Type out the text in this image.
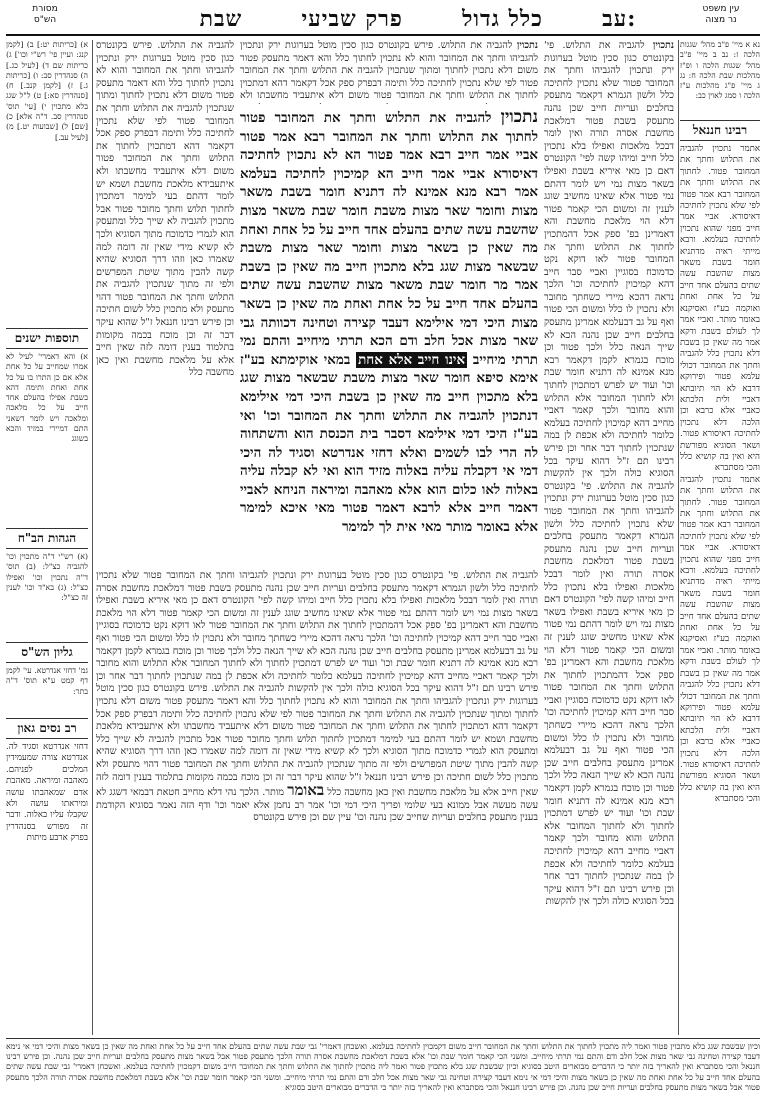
עין משפט
נר מצוה
עב:
כלל גדול
פרק שביעי
שבת
מסורת
הש"ס
נא א מיי' פ"ב מהל' שגגות הלכה ז: נב ב מיי' פ"ב מהל' שגגות הלכה ו ופ"ז מהלכות שבת הלכה ח: נג ג מיי' פ"ג מהלכות ע"ז הלכה ו סמג לאוין כב:
רבינו חננאל
אתמר נתכוין להגביה את התלוש וחתך את המחובר פטור. לחתוך את התלוש וחתך את המחובר רבא אמר פטור לפי שלא נתכוין לחתיכה דאיסורא. אביי אמר חייב מפני שהוא נתכוין לחתיכה בעלמא. ורבא מייתי ראיה מדתניא חומר בשבת משאר מצות שהשבת עשה שתים בהעלם אחד חייב על כל אחת ואחת ואוקמה בע"ז ואסיקנא באומר מותר. ואביי אמר לך לעולם בשבת ודקא אמר מה שאין כן בשבת דלא נתכוין כלל להגביה וחתך את המחובר דכולי עלמא פטור ופירוקא דרבא לא הוי תיובתא דאביי ולית הלכתא כאביי אלא כרבא וכן הלכה דלא נתכוין לחתיכה דאיסורא פטור. ושאר הסוגיא מפורשת היא ואין בה קושיא כלל והכי מסתברא
אתמר נתכוין להגביה את התלוש וחתך את המחובר פטור. לחתוך את התלוש וחתך את המחובר רבא אמר פטור לפי שלא נתכוין לחתיכה דאיסורא. אביי אמר חייב מפני שהוא נתכוין לחתיכה בעלמא. ורבא מייתי ראיה מדתניא חומר בשבת משאר מצות שהשבת עשה שתים בהעלם אחד חייב על כל אחת ואחת ואוקמה בע"ז ואסיקנא באומר מותר. ואביי אמר לך לעולם בשבת ודקא אמר מה שאין כן בשבת דלא נתכוין כלל להגביה וחתך את המחובר דכולי עלמא פטור ופירוקא דרבא לא הוי תיובתא דאביי ולית הלכתא כאביי אלא כרבא וכן הלכה דלא נתכוין לחתיכה דאיסורא פטור. ושאר הסוגיא מפורשת היא ואין בה קושיא כלל והכי מסתברא
נתכוין להגביה את התלוש. פי' בקונטרס כגון סכין מוטל בערוגות ירק ונתכוין להגביהו וחתך את המחובר פטור שלא נתכוין לחתיכה כלל ולשון הגמרא דקאמר מתעסק בחלבים ועריות חייב שכן נהנה מתעסק בשבת פטור דמלאכת מחשבת אסרה תורה ואין לומר דבכל מלאכות ואפילו בלא נתכוין כלל חייב ומיהו קשה לפי' הקונטרס דאם כן מאי איריא בשבת ואפילו בשאר מצות נמי ויש לומר דהתם נמי פטור אלא שאינו מחשיב שוגג לענין זה ומשום הכי קאמר פטור דלא הוי מלאכת מחשבת והא דאמרינן בפ' ספק אכל דהמתכוין לחתוך את התלוש וחתך את המחובר פטור לאו דוקא נקט כדמוכח בסוגיין ואביי סבר חייב דהא קמיכוין לחתיכה וכו' הלכך נראה דהכא מיירי כשחתך מחובר ולא נתכוין לו כלל ומשום הכי פטור ואף על גב דבעלמא אמרינן מתעסק בחלבים חייב שכן נהנה הכא לא שייך הנאה כלל ולכך פטור וכן מוכח בגמרא לקמן דקאמר רבא מנא אמינא לה דתניא חומר שבת וכו' ועוד יש לפרש דמתכוין לחתוך ולא לחתוך המחובר אלא התלוש והוא מחובר ולכך קאמר דאביי מחייב דהא קמיכוין לחתיכה בעלמא כלומר לחתיכה ולא אכפת לן במה שנתכוין לחתוך דבר אחר וכן פירש רבינו תם ז"ל דהוא עיקר בכל הסוגיא כולה ולכך אין להקשות להגביה את התלוש. פי' בקונטרס כגון סכין מוטל בערוגות ירק ונתכוין להגביהו וחתך את המחובר פטור שלא נתכוין לחתיכה כלל ולשון הגמרא דקאמר מתעסק בחלבים ועריות חייב שכן נהנה מתעסק בשבת פטור דמלאכת מחשבת אסרה תורה ואין לומר דבכל מלאכות ואפילו בלא נתכוין כלל חייב ומיהו קשה לפי' הקונטרס דאם כן מאי איריא בשבת ואפילו בשאר מצות נמי ויש לומר דהתם נמי פטור אלא שאינו מחשיב שוגג לענין זה ומשום הכי קאמר פטור דלא הוי מלאכת מחשבת והא דאמרינן בפ' ספק אכל דהמתכוין לחתוך את התלוש וחתך את המחובר פטור לאו דוקא נקט כדמוכח בסוגיין ואביי סבר חייב דהא קמיכוין לחתיכה וכו' הלכך נראה דהכא מיירי כשחתך מחובר ולא נתכוין לו כלל ומשום הכי פטור ואף על גב דבעלמא אמרינן מתעסק בחלבים חייב שכן נהנה הכא לא שייך הנאה כלל ולכך פטור וכן מוכח בגמרא לקמן דקאמר רבא מנא אמינא לה דתניא חומר שבת וכו' ועוד יש לפרש דמתכוין לחתוך ולא לחתוך המחובר אלא התלוש והוא מחובר ולכך קאמר דאביי מחייב דהא קמיכוין לחתיכה בעלמא כלומר לחתיכה ולא אכפת לן במה שנתכוין לחתוך דבר אחר וכן פירש רבינו תם ז"ל דהוא עיקר בכל הסוגיא כולה ולכך אין להקשות
נתכוין להגביה את התלוש. פירש בקונטרס כגון סכין מוטל בערוגות ירק ונתכוין להגביהו וחתך את המחובר והוא לא נתכוין לחתוך כלל והא דאמר מתעסק פטור משום דלא נתכוין לחתוך ומתוך שנתכוין להגביה את התלוש וחתך את המחובר פטור לפי שלא נתכוין לחתיכה כלל ותימה דבפרק ספק אכל דקאמר דהא דמתכוין לחתוך את התלוש וחתך את המחובר פטור משום דלא איתעביד מחשבתו ולא
נתכוין להגביה את התלוש וחתך את המחובר פטור לחתוך את התלוש וחתך את המחובר רבא אמר פטור אביי אמר חייב רבא אמר פטור הא לא נתכוין לחתיכה דאיסורא אביי אמר חייב הא קמיכוין לחתיכה בעלמא אמר רבא מנא אמינא לה דתניא חומר בשבת משאר מצות וחומר שאר מצות משבת חומר שבת משאר מצות שהשבת עשה שתים בהעלם אחד חייב על כל אחת ואחת מה שאין כן בשאר מצות וחומר שאר מצות משבת שבשאר מצות שגג בלא מתכוין חייב מה שאין כן בשבת אמר מר חומר שבת משאר מצות שהשבת עשה שתים בהעלם אחד חייב על כל אחת ואחת מה שאין כן בשאר מצות היכי דמי אילימא דעבד קצירה וטחינה דכוותה גבי שאר מצות אכל חלב ודם הכא תרתי מיחייב והתם נמי תרתי מיחייב אינו חייב אלא אחת במאי אוקימתא בע"ז אימא סיפא חומר שאר מצות משבת שבשאר מצות שגג בלא מתכוין חייב מה שאין כן בשבת היכי דמי אילימא דנתכוין להגביה את התלוש וחתך את המחובר וכו' ואי בע"ז היכי דמי אילימא דסבר בית הכנסת הוא והשתחוה לה הרי לבו לשמים ואלא דחזי אנדרטא וסגיד לה היכי דמי אי דקבלה עליה באלוה מזיד הוא ואי לא קבלה עליה באלוה לאו כלום הוא אלא מאהבה ומיראה הניחא לאביי דאמר חייב אלא לרבא דאמר פטור מאי איכא למימר אלא באומר מותר מאי אית לך למימר
להגביה את התלוש. פירש בקונטרס כגון סכין מוטל בערוגות ירק ונתכוין להגביהו וחתך את המחובר והוא לא נתכוין לחתוך כלל והא דאמר מתעסק פטור משום דלא נתכוין לחתוך ומתוך שנתכוין להגביה את התלוש וחתך את המחובר פטור לפי שלא נתכוין לחתיכה כלל ותימה דבפרק ספק אכל דקאמר דהא דמתכוין לחתוך את התלוש וחתך את המחובר פטור משום דלא איתעביד מחשבתו ולא איתעבידא מלאכת מחשבת ושמא יש לומר דהתם בעי למימר דמתכוין לחתוך תלוש וחתך מחובר פטור אבל מתכוין להגביה לא שייך כלל ומתעסק הוא לגמרי כדמוכח מתוך הסוגיא ולכך לא קשיא מידי שאין זה דומה למה שאמרו כאן וזהו דרך הסוגיא שהיא קשה להבין מתוך שיטת המפרשים ולפי זה מתוך שנתכוין להגביה את התלוש וחתך את המחובר פטור דהוי מתעסק ולא מתכוין כלל לשום חתיכה וכן פירש רבינו חננאל ז"ל שהוא עיקר דבר זה וכן מוכח בכמה מקומות בתלמוד בענין דומה לזה שאין חייב אלא על מלאכת מחשבת ואין כאן מחשבה כלל
א) [כריתות יט:] ב) [לקמן קנג: ועיין פי' רש"י וכו'] ג) כריתות שם ד) [לעיל כג.] ה) סנהדרין סב: ו) [כריתות ג.] ז) [לקמן קנב.] ח) [סנהדרין סא:] ט) ל"ל שגג בלא מתכוין י) [עי' תוס' סנהדרין סב. ד"ה אלא] כ) [שם] ל) [שבועות יט.] מ) [לעיל עב.]
תוספות ישנים
א) והא דאמרי' לעיל לא אמרו שמחייב על כל אחת אלא אם כן התרו בו על כל אחת ואחת ותימה דהא בשבת אפילו בהעלם אחד חייב על כל מלאכה ומלאכה ויש לומר דשאני התם דמיירי במזיד והכא בשוגג
הגהות הב"ח
(א) רש"י ד"ה מתכוין וכו' להגביה כצ"ל: (ב) תוס' ד"ה נתכוין וכו' ואפילו כצ"ל: (ג) בא"ד וכו' לענין זה כצ"ל:
גליון הש"ס
גמ' דחזי אנדרטא. עי' לקמן דף קמט ע"א תוס' ד"ה בתר:
רב נסים גאון
דחזי אנדרטא וסגיד לה. אנדרטא צורה שמעמידין המלכים לפניהם. מאהבה ומיראה. מאהבת אדם שמאהבתו עושה ומיראתו עושה ולא שקבלו עליו באלוה. ודבר זה מפורש בסנהדרין בפרק ארבע מיתות
להגביה את התלוש. פי' בקונטרס כגון סכין מוטל בערוגות ירק ונתכוין להגביהו וחתך את המחובר פטור שלא נתכוין לחתיכה כלל ולשון הגמרא דקאמר מתעסק בחלבים ועריות חייב שכן נהנה מתעסק בשבת פטור דמלאכת מחשבת אסרה תורה ואין לומר דבכל מלאכות ואפילו בלא נתכוין כלל חייב ומיהו קשה לפי' הקונטרס דאם כן מאי איריא בשבת ואפילו בשאר מצות נמי ויש לומר דהתם נמי פטור אלא שאינו מחשיב שוגג לענין זה ומשום הכי קאמר פטור דלא הוי מלאכת מחשבת והא דאמרינן בפ' ספק אכל דהמתכוין לחתוך את התלוש וחתך את המחובר פטור לאו דוקא נקט כדמוכח בסוגיין ואביי סבר חייב דהא קמיכוין לחתיכה וכו' הלכך נראה דהכא מיירי כשחתך מחובר ולא נתכוין לו כלל ומשום הכי פטור ואף על גב דבעלמא אמרינן מתעסק בחלבים חייב שכן נהנה הכא לא שייך הנאה כלל ולכך פטור וכן מוכח בגמרא לקמן דקאמר רבא מנא אמינא לה דתניא חומר שבת וכו' ועוד יש לפרש דמתכוין לחתוך ולא לחתוך המחובר אלא התלוש והוא מחובר ולכך קאמר דאביי מחייב דהא קמיכוין לחתיכה בעלמא כלומר לחתיכה ולא אכפת לן במה שנתכוין לחתוך דבר אחר וכן פירש רבינו תם ז"ל דהוא עיקר בכל הסוגיא כולה ולכך אין להקשות להגביה את התלוש. פירש בקונטרס כגון סכין מוטל בערוגות ירק ונתכוין להגביהו וחתך את המחובר והוא לא נתכוין לחתוך כלל והא דאמר מתעסק פטור משום דלא נתכוין לחתוך ומתוך שנתכוין להגביה את התלוש וחתך את המחובר פטור לפי שלא נתכוין לחתיכה כלל ותימה דבפרק ספק אכל דקאמר דהא דמתכוין לחתוך את התלוש וחתך את המחובר פטור משום דלא איתעביד מחשבתו ולא איתעבידא מלאכת מחשבת ושמא יש לומר דהתם בעי למימר דמתכוין לחתוך תלוש וחתך מחובר פטור אבל מתכוין להגביה לא שייך כלל ומתעסק הוא לגמרי כדמוכח מתוך הסוגיא ולכך לא קשיא מידי שאין זה דומה למה שאמרו כאן וזהו דרך הסוגיא שהיא קשה להבין מתוך שיטת המפרשים ולפי זה מתוך שנתכוין להגביה את התלוש וחתך את המחובר פטור דהוי מתעסק ולא מתכוין כלל לשום חתיכה וכן פירש רבינו חננאל ז"ל שהוא עיקר דבר זה וכן מוכח בכמה מקומות בתלמוד בענין דומה לזה שאין חייב אלא על מלאכת מחשבת ואין כאן מחשבה כלל באומר מותר. הלכך נהי דלא מחייב חטאת דבמאי דשגג לא עשה מעשה אבל ממונא בעי שלומי ופריך היכי דמי וכו' אמר רב נחמן אלא יאמר וכו' ודף הזה נאמר בסוגיא הקודמת בענין מתעסק בחלבים ועריות שחייב שכן נהנה וכו' עיין שם וכן פירש בקונטרס
וכיון שבשבת שגג בלא מתכוין פטור ואמר ליה מתכוין לחתוך את התלוש וחתך את המחובר חייב משום דקמכוין לחתיכה בעלמא. ואשכחן דאמרי' גבי שבת עשה שתים בהעלם אחד חייב על כל אחת ואחת מה שאין כן בשאר מצות והיכי דמי אי נימא דעבד קצירה וטחינה גבי שאר מצות אכל חלב ודם והתם נמי תרתי מיחייב. ומשני הכי קאמר חומר שבת וכו' אלא בשבת דמלאכת מחשבת אסרה תורה הלכך מתעסק פטור אבל בשאר מצות מתעסק בחלבים ועריות חייב שכן נהנה. וכן פירש רבינו חננאל והכי מסתברא ואין להאריך בזה יותר כי הדברים מבוארים היטב בסוגיא וכיון שבשבת שגג בלא מתכוין פטור ואמר ליה מתכוין לחתוך את התלוש וחתך את המחובר חייב משום דקמכוין לחתיכה בעלמא. ואשכחן דאמרי' גבי שבת עשה שתים בהעלם אחד חייב על כל אחת ואחת מה שאין כן בשאר מצות והיכי דמי אי נימא דעבד קצירה וטחינה גבי שאר מצות אכל חלב ודם והתם נמי תרתי מיחייב. ומשני הכי קאמר חומר שבת וכו' אלא בשבת דמלאכת מחשבת אסרה תורה הלכך מתעסק פטור אבל בשאר מצות מתעסק בחלבים ועריות חייב שכן נהנה. וכן פירש רבינו חננאל והכי מסתברא ואין להאריך בזה יותר כי הדברים מבוארים היטב בסוגיא
